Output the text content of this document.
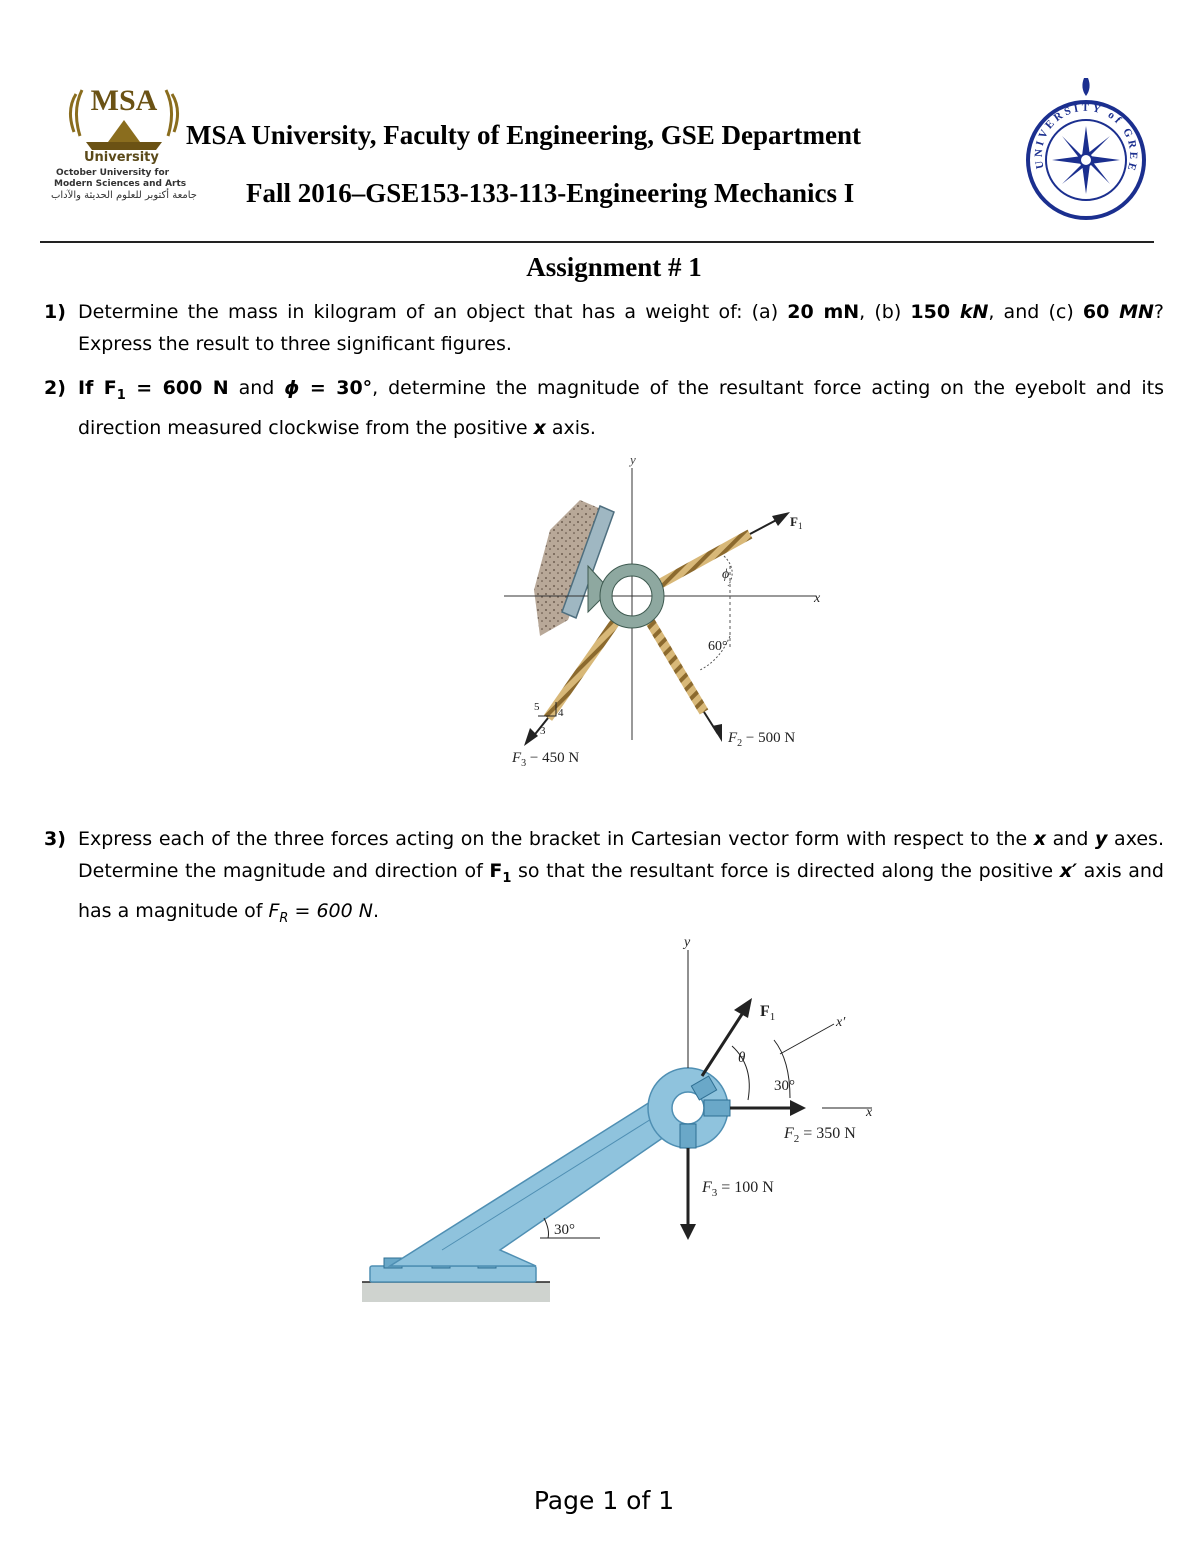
MSA
University
October University for
Modern Sciences and Arts
جامعة أكتوبر للعلوم الحديثة والآداب
MSA University, Faculty of Engineering, GSE Department
Fall 2016–GSE153-133-113-Engineering Mechanics I
UNIVERSITY of GREE
Assignment # 1
1) Determine the mass in kilogram of an object that has a weight of: (a) 20 mN, (b) 150 kN, and (c) 60 MN? Express the result to three significant figures.
2) If $F_1 = 600$ N and ϕ = 30°, determine the magnitude of the resultant force acting on the eyebolt and its direction measured clockwise from the positive x axis.
3) Express each of the three forces acting on the bracket in Cartesian vector form with respect to the x and y axes. Determine the magnitude and direction of $F_1$ so that the resultant force is directed along the positive x′ axis and has a magnitude of $F_R = 600$ N.
y
x
$F_1$
ϕ
60°
$F_2 - 500$ N
$F_3 - 450$ N
5 4
3
y
x
x′
$F_1$
θ
30°
30°
$F_2 = 350$ N
$F_3 = 100$ N
Page 1 of 1
